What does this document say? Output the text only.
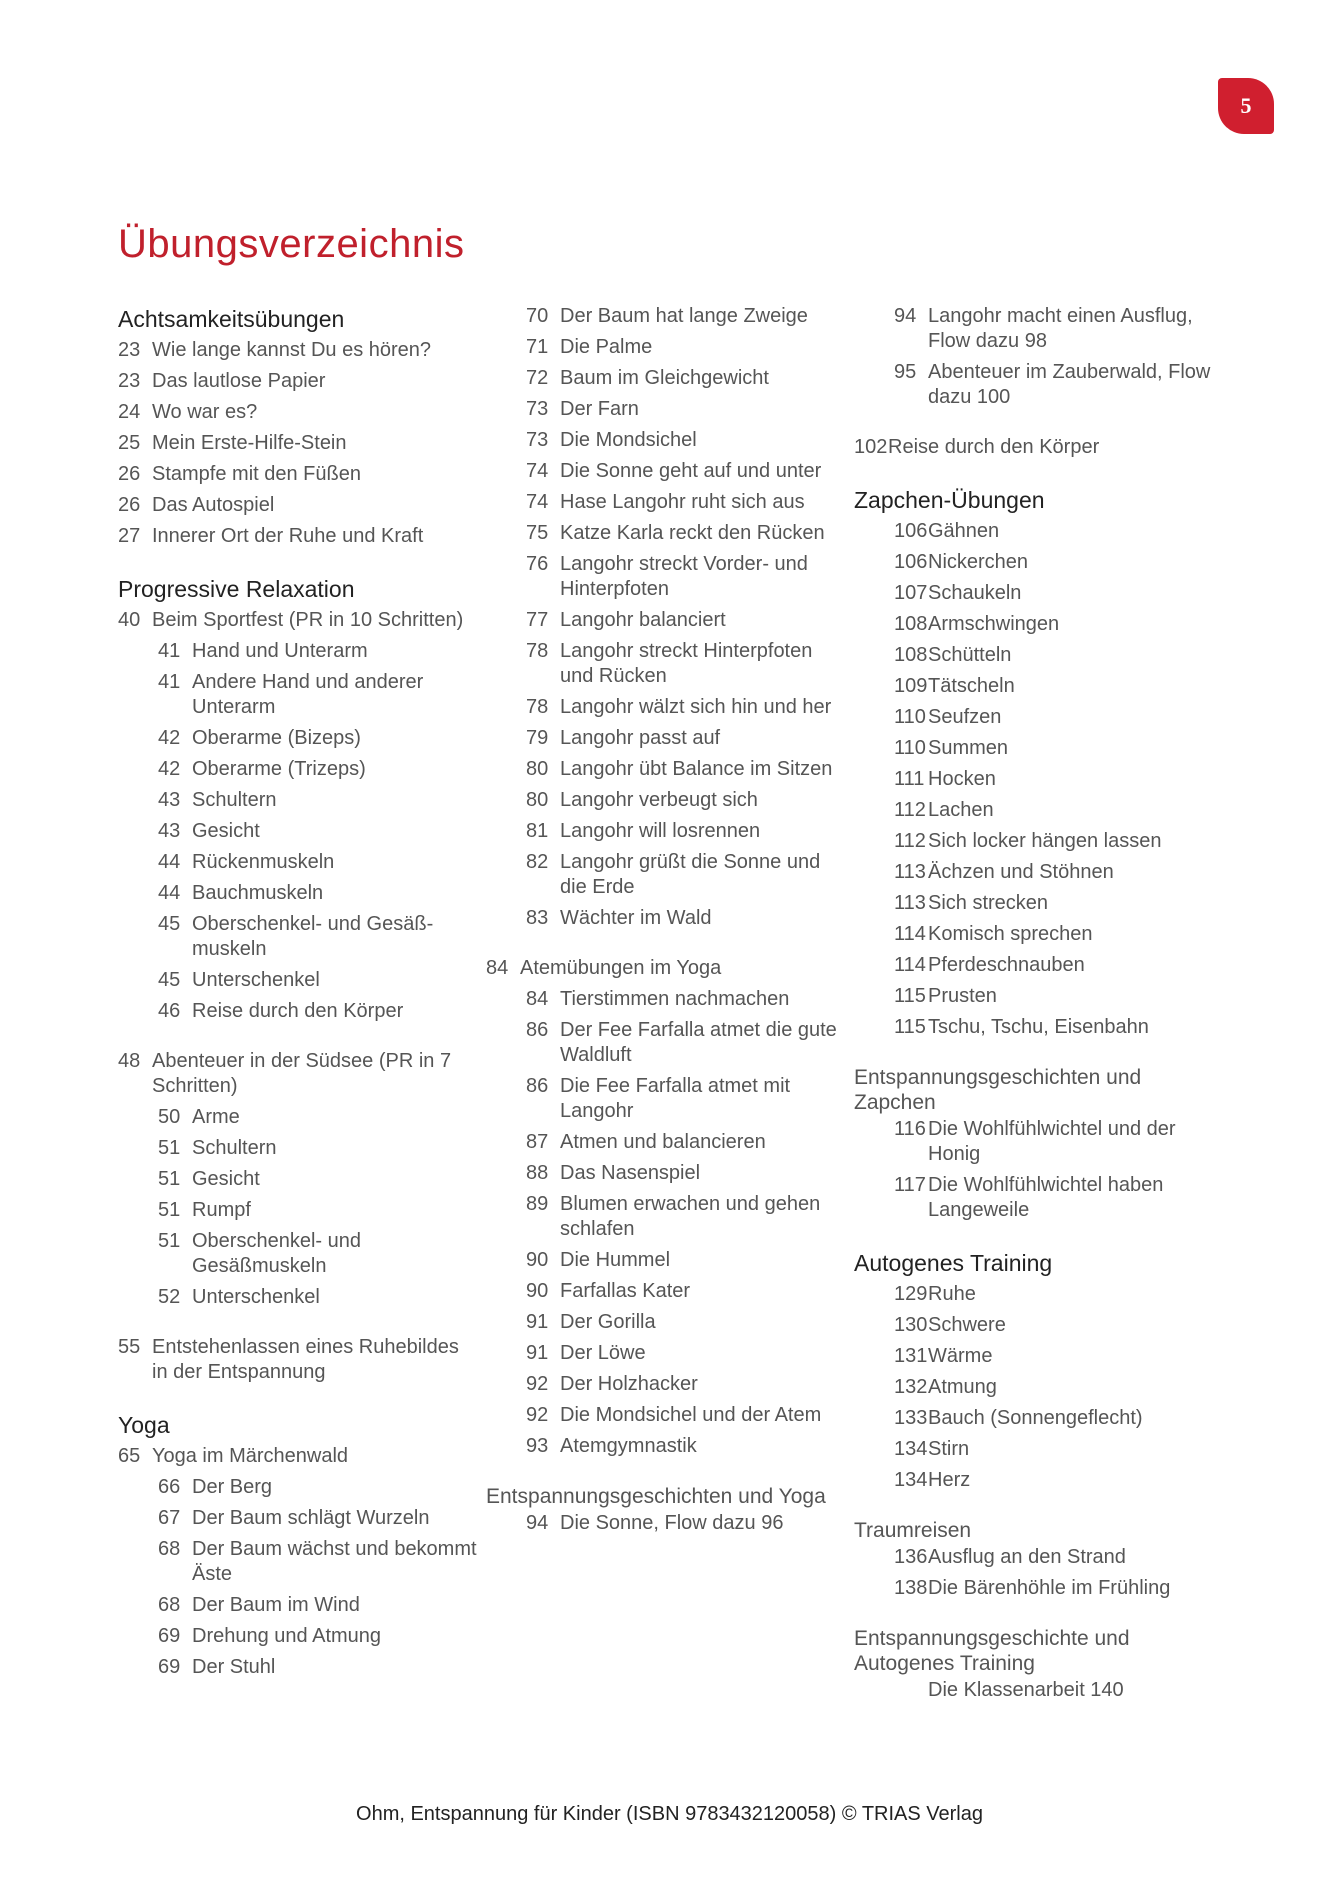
5
Übungsverzeichnis
Achtsamkeitsübungen
23 Wie lange kannst Du es hören?
23 Das lautlose Papier
24 Wo war es?
25 Mein Erste-Hilfe-Stein
26 Stampfe mit den Füßen
26 Das Autospiel
27 Innerer Ort der Ruhe und Kraft
Progressive Relaxation
40 Beim Sportfest (PR in 10 Schritten)
41 Hand und Unterarm
41 Andere Hand und anderer Unterarm
42 Oberarme (Bizeps)
42 Oberarme (Trizeps)
43 Schultern
43 Gesicht
44 Rückenmuskeln
44 Bauchmuskeln
45 Oberschenkel- und Gesäßmuskeln
45 Unterschenkel
46 Reise durch den Körper
48 Abenteuer in der Südsee (PR in 7 Schritten)
50 Arme
51 Schultern
51 Gesicht
51 Rumpf
51 Oberschenkel- und Gesäßmuskeln
52 Unterschenkel
55 Entstehenlassen eines Ruhebildes in der Entspannung
Yoga
65 Yoga im Märchenwald
66 Der Berg
67 Der Baum schlägt Wurzeln
68 Der Baum wächst und bekommt Äste
68 Der Baum im Wind
69 Drehung und Atmung
69 Der Stuhl
70 Der Baum hat lange Zweige
71 Die Palme
72 Baum im Gleichgewicht
73 Der Farn
73 Die Mondsichel
74 Die Sonne geht auf und unter
74 Hase Langohr ruht sich aus
75 Katze Karla reckt den Rücken
76 Langohr streckt Vorder- und Hinterpfoten
77 Langohr balanciert
78 Langohr streckt Hinterpfoten und Rücken
78 Langohr wälzt sich hin und her
79 Langohr passt auf
80 Langohr übt Balance im Sitzen
80 Langohr verbeugt sich
81 Langohr will losrennen
82 Langohr grüßt die Sonne und die Erde
83 Wächter im Wald
84 Atemübungen im Yoga
84 Tierstimmen nachmachen
86 Der Fee Farfalla atmet die gute Waldluft
86 Die Fee Farfalla atmet mit Langohr
87 Atmen und balancieren
88 Das Nasenspiel
89 Blumen erwachen und gehen schlafen
90 Die Hummel
90 Farfallas Kater
91 Der Gorilla
91 Der Löwe
92 Der Holzhacker
92 Die Mondsichel und der Atem
93 Atemgymnastik
Entspannungsgeschichten und Yoga
94 Die Sonne, Flow dazu 96
94 Langohr macht einen Ausflug, Flow dazu 98
95 Abenteuer im Zauberwald, Flow dazu 100
102Reise durch den Körper
Zapchen-Übungen
106Gähnen
106Nickerchen
107Schaukeln
108Armschwingen
108Schütteln
109Tätscheln
110 Seufzen
110 Summen
111 Hocken
112 Lachen
112 Sich locker hängen lassen
113 Ächzen und Stöhnen
113 Sich strecken
114 Komisch sprechen
114 Pferdeschnauben
115 Prusten
115 Tschu, Tschu, Eisenbahn
Entspannungsgeschichten und Zapchen
116 Die Wohlfühlwichtel und der Honig
117 Die Wohlfühlwichtel haben Langeweile
Autogenes Training
129Ruhe
130Schwere
131Wärme
132Atmung
133Bauch (Sonnengeflecht)
134Stirn
134Herz
Traumreisen
136Ausflug an den Strand
138Die Bärenhöhle im Frühling
Entspannungsgeschichte und Autogenes Training
Die Klassenarbeit 140
Ohm, Entspannung für Kinder (ISBN 9783432120058) © TRIAS Verlag
